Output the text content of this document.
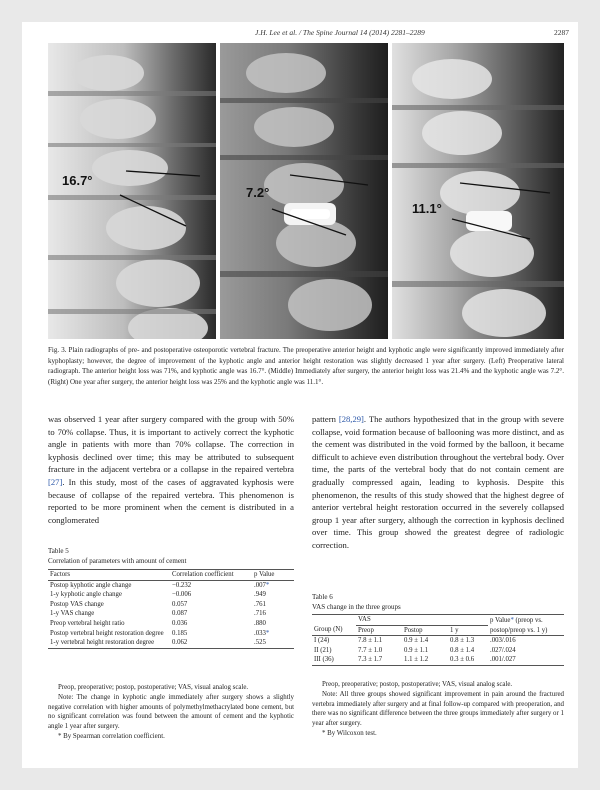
J.H. Lee et al. / The Spine Journal 14 (2014) 2281–2289	2287
16.7°
7.2°
11.1°
Fig. 3. Plain radiographs of pre- and postoperative osteoporotic vertebral fracture. The preoperative anterior height and kyphotic angle were significantly improved immediately after kyphoplasty; however, the degree of improvement of the kyphotic angle and anterior height restoration was slightly decreased 1 year after surgery. (Left) Preoperative lateral radiograph. The anterior height loss was 71%, and kyphotic angle was 16.7°. (Middle) Immediately after surgery, the anterior height loss was 21.4% and the kyphotic angle was 7.2°. (Right) One year after surgery, the anterior height loss was 25% and the kyphotic angle was 11.1°.
was observed 1 year after surgery compared with the group with 50% to 70% collapse. Thus, it is important to actively correct the kyphotic angle in patients with more than 70% collapse. The correction in kyphosis declined over time; this may be attributed to subsequent fracture in the adjacent vertebra or a collapse in the repaired vertebra [27]. In this study, most of the cases of aggravated kyphosis were because of collapse of the repaired vertebra. This phenomenon is reported to be more prominent when the cement is distributed in a conglomerated
pattern [28,29]. The authors hypothesized that in the group with severe collapse, void formation because of ballooning was more distinct, and as the cement was distributed in the void formed by the balloon, it became difficult to achieve even distribution throughout the vertebral body. Over time, the parts of the vertebral body that do not contain cement are gradually compressed again, leading to kyphosis. Despite this phenomenon, the results of this study showed that the highest degree of anterior vertebral height restoration occurred in the severely collapsed group 1 year after surgery, although the correction in kyphosis declined over time. This group showed the greatest degree of radiologic correction.
Table 5
Correlation of parameters with amount of cement
Factors	Correlation coefficient	p Value
Postop kyphotic angle change	−0.232	.007*
1-y kyphotic angle change	−0.006	.949
Postop VAS change	0.057	.761
1-y VAS change	0.087	.716
Preop vertebral height ratio	0.036	.880
Postop vertebral height restoration degree	0.185	.033*
1-y vertebral height restoration degree	0.062	.525
Preop, preoperative; postop, postoperative; VAS, visual analog scale.
Note: The change in kyphotic angle immediately after surgery shows a slightly negative correlation with higher amounts of polymethylmethacrylated bone cement, but no significant correlation was found between the amount of cement and the kyphotic angle 1 year after surgery.
* By Spearman correlation coefficient.
Table 6
VAS change in the three groups
	VAS			p Value* (preop vs.
postop/preop vs. 1 y)
Group (N)	Preop	Postop	1 y	
I (24)	7.8 ± 1.1	0.9 ± 1.4	0.8 ± 1.3	.003/.016
II (21)	7.7 ± 1.0	0.9 ± 1.1	0.8 ± 1.4	.027/.024
III (36)	7.3 ± 1.7	1.1 ± 1.2	0.3 ± 0.6	.001/.027
Preop, preoperative; postop, postoperative; VAS, visual analog scale.
Note: All three groups showed significant improvement in pain around the fractured vertebra immediately after surgery and at final follow-up compared with preoperation, and there was no significant difference between the three groups immediately after surgery or 1 year after surgery.
* By Wilcoxon test.
